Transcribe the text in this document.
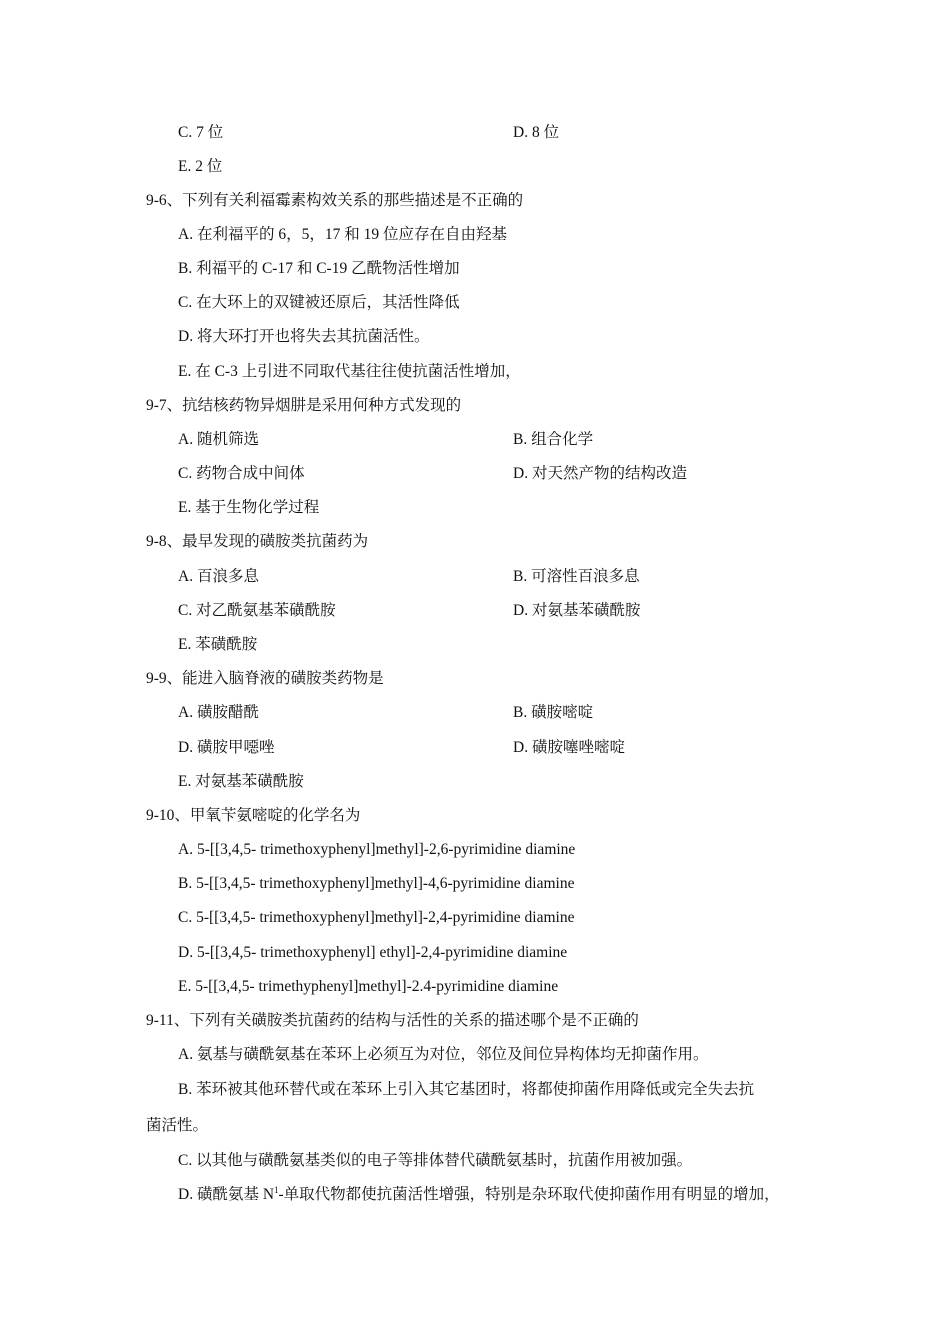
C. 7 位	D. 8 位
E. 2 位
9-6、下列有关利福霉素构效关系的那些描述是不正确的
A. 在利福平的 6，5，17 和 19 位应存在自由羟基
B. 利福平的 C-17 和 C-19 乙酰物活性增加
C. 在大环上的双键被还原后，其活性降低
D. 将大环打开也将失去其抗菌活性。
E. 在 C-3 上引进不同取代基往往使抗菌活性增加，
9-7、抗结核药物异烟肼是采用何种方式发现的
A. 随机筛选	B. 组合化学
C. 药物合成中间体	D. 对天然产物的结构改造
E. 基于生物化学过程
9-8、最早发现的磺胺类抗菌药为
A. 百浪多息	B. 可溶性百浪多息
C. 对乙酰氨基苯磺酰胺	D. 对氨基苯磺酰胺
E. 苯磺酰胺
9-9、能进入脑脊液的磺胺类药物是
A. 磺胺醋酰	B. 磺胺嘧啶
D. 磺胺甲噁唑	D. 磺胺噻唑嘧啶
E. 对氨基苯磺酰胺
9-10、甲氧苄氨嘧啶的化学名为
A. 5-[[3,4,5- trimethoxyphenyl]methyl]-2,6-pyrimidine diamine
B. 5-[[3,4,5- trimethoxyphenyl]methyl]-4,6-pyrimidine diamine
C. 5-[[3,4,5- trimethoxyphenyl]methyl]-2,4-pyrimidine diamine
D. 5-[[3,4,5- trimethoxyphenyl] ethyl]-2,4-pyrimidine diamine
E. 5-[[3,4,5- trimethyphenyl]methyl]-2.4-pyrimidine diamine
9-11、下列有关磺胺类抗菌药的结构与活性的关系的描述哪个是不正确的
A. 氨基与磺酰氨基在苯环上必须互为对位，邻位及间位异构体均无抑菌作用。
B. 苯环被其他环替代或在苯环上引入其它基团时，将都使抑菌作用降低或完全失去抗
菌活性。
C. 以其他与磺酰氨基类似的电子等排体替代磺酰氨基时，抗菌作用被加强。
D. 磺酰氨基 $N^1-$单取代物都使抗菌活性增强，特别是杂环取代使抑菌作用有明显的增加，
